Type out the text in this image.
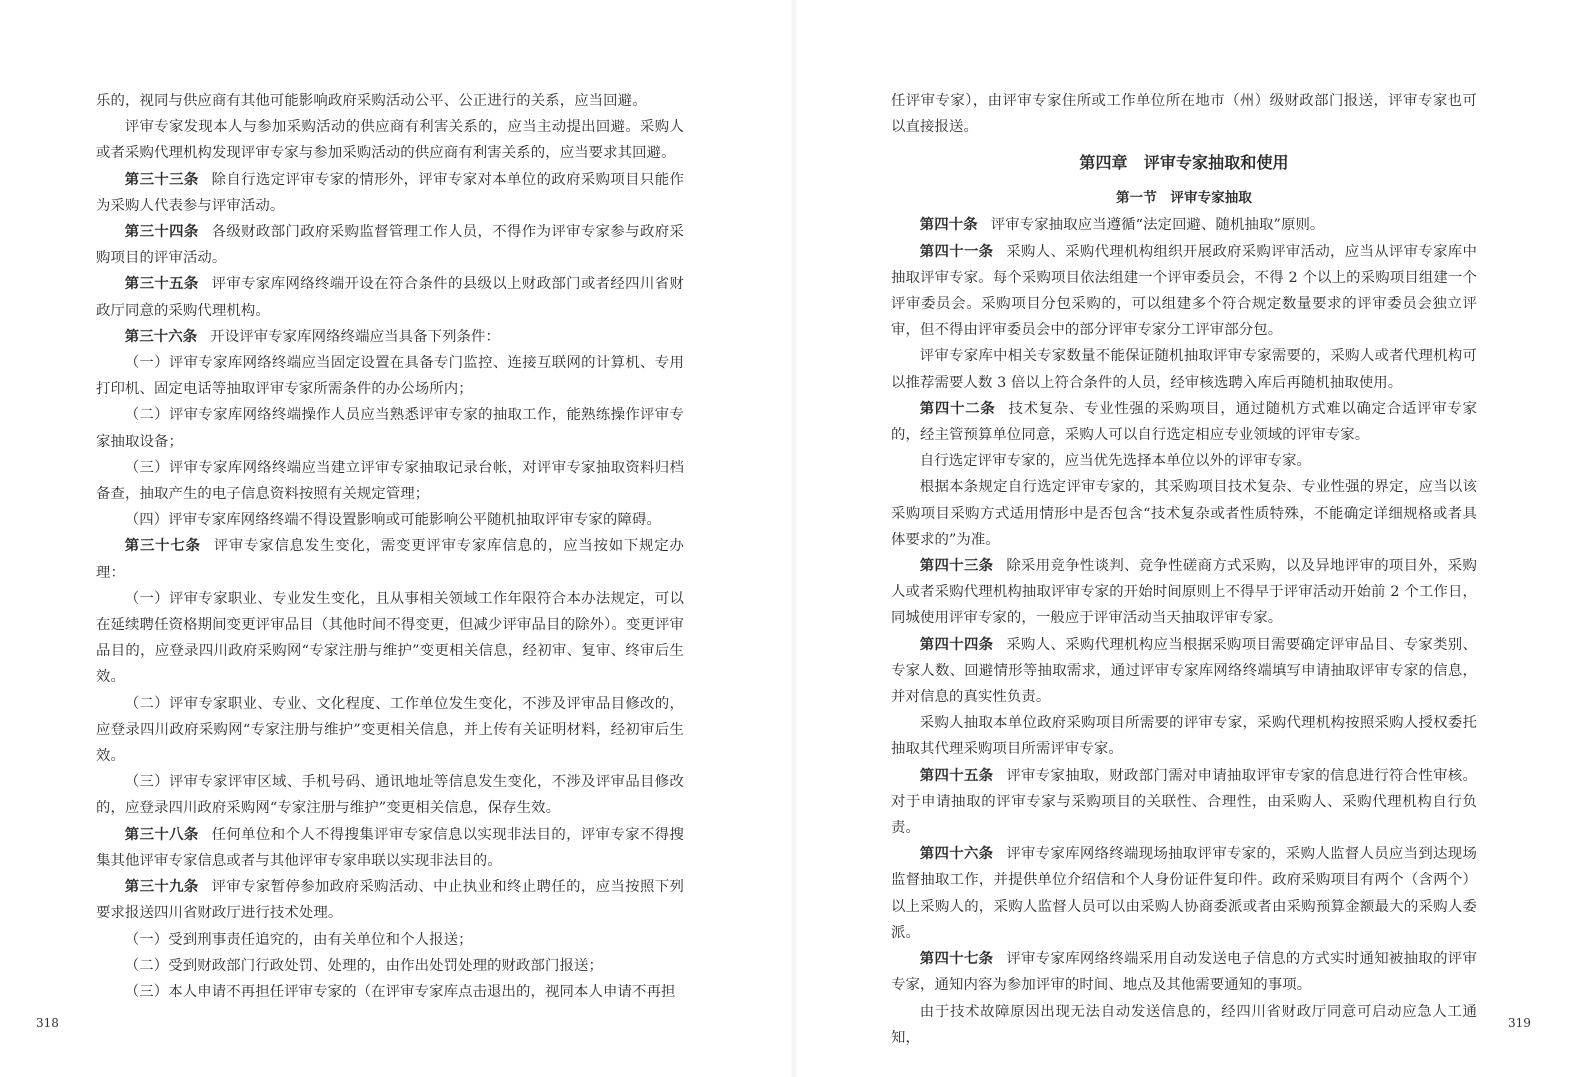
乐的，视同与供应商有其他可能影响政府采购活动公平、公正进行的关系，应当回避。

评审专家发现本人与参加采购活动的供应商有利害关系的，应当主动提出回避。采购人或者采购代理机构发现评审专家与参加采购活动的供应商有利害关系的，应当要求其回避。

第三十三条 除自行选定评审专家的情形外，评审专家对本单位的政府采购项目只能作为采购人代表参与评审活动。

第三十四条 各级财政部门政府采购监督管理工作人员，不得作为评审专家参与政府采购项目的评审活动。

第三十五条 评审专家库网络终端开设在符合条件的县级以上财政部门或者经四川省财政厅同意的采购代理机构。

第三十六条 开设评审专家库网络终端应当具备下列条件：

（一）评审专家库网络终端应当固定设置在具备专门监控、连接互联网的计算机、专用打印机、固定电话等抽取评审专家所需条件的办公场所内；

（二）评审专家库网络终端操作人员应当熟悉评审专家的抽取工作，能熟练操作评审专家抽取设备；

（三）评审专家库网络终端应当建立评审专家抽取记录台帐，对评审专家抽取资料归档备查，抽取产生的电子信息资料按照有关规定管理；

（四）评审专家库网络终端不得设置影响或可能影响公平随机抽取评审专家的障碍。

第三十七条 评审专家信息发生变化，需变更评审专家库信息的，应当按如下规定办理：

（一）评审专家职业、专业发生变化，且从事相关领域工作年限符合本办法规定，可以在延续聘任资格期间变更评审品目（其他时间不得变更，但减少评审品目的除外）。变更评审品目的，应登录四川政府采购网“专家注册与维护”变更相关信息，经初审、复审、终审后生效。

（二）评审专家职业、专业、文化程度、工作单位发生变化，不涉及评审品目修改的，应登录四川政府采购网“专家注册与维护”变更相关信息，并上传有关证明材料，经初审后生效。

（三）评审专家评审区域、手机号码、通讯地址等信息发生变化，不涉及评审品目修改的，应登录四川政府采购网“专家注册与维护”变更相关信息，保存生效。

第三十八条 任何单位和个人不得搜集评审专家信息以实现非法目的，评审专家不得搜集其他评审专家信息或者与其他评审专家串联以实现非法目的。

第三十九条 评审专家暂停参加政府采购活动、中止执业和终止聘任的，应当按照下列要求报送四川省财政厅进行技术处理。

（一）受到刑事责任追究的，由有关单位和个人报送；

（二）受到财政部门行政处罚、处理的，由作出处罚处理的财政部门报送；

（三）本人申请不再担任评审专家的（在评审专家库点击退出的，视同本人申请不再担

318

任评审专家），由评审专家住所或工作单位所在地市（州）级财政部门报送，评审专家也可以直接报送。

第四章　评审专家抽取和使用
第一节　评审专家抽取

第四十条 评审专家抽取应当遵循“法定回避、随机抽取”原则。

第四十一条 采购人、采购代理机构组织开展政府采购评审活动，应当从评审专家库中抽取评审专家。每个采购项目依法组建一个评审委员会，不得 2 个以上的采购项目组建一个评审委员会。采购项目分包采购的，可以组建多个符合规定数量要求的评审委员会独立评审，但不得由评审委员会中的部分评审专家分工评审部分包。

评审专家库中相关专家数量不能保证随机抽取评审专家需要的，采购人或者代理机构可以推荐需要人数 3 倍以上符合条件的人员，经审核选聘入库后再随机抽取使用。

第四十二条 技术复杂、专业性强的采购项目，通过随机方式难以确定合适评审专家的，经主管预算单位同意，采购人可以自行选定相应专业领域的评审专家。

自行选定评审专家的，应当优先选择本单位以外的评审专家。

根据本条规定自行选定评审专家的，其采购项目技术复杂、专业性强的界定，应当以该采购项目采购方式适用情形中是否包含“技术复杂或者性质特殊，不能确定详细规格或者具体要求的”为准。

第四十三条 除采用竞争性谈判、竞争性磋商方式采购，以及异地评审的项目外，采购人或者采购代理机构抽取评审专家的开始时间原则上不得早于评审活动开始前 2 个工作日，同城使用评审专家的，一般应于评审活动当天抽取评审专家。

第四十四条 采购人、采购代理机构应当根据采购项目需要确定评审品目、专家类别、专家人数、回避情形等抽取需求，通过评审专家库网络终端填写申请抽取评审专家的信息，并对信息的真实性负责。

采购人抽取本单位政府采购项目所需要的评审专家，采购代理机构按照采购人授权委托抽取其代理采购项目所需评审专家。

第四十五条 评审专家抽取，财政部门需对申请抽取评审专家的信息进行符合性审核。对于申请抽取的评审专家与采购项目的关联性、合理性，由采购人、采购代理机构自行负责。

第四十六条 评审专家库网络终端现场抽取评审专家的，采购人监督人员应当到达现场监督抽取工作，并提供单位介绍信和个人身份证件复印件。政府采购项目有两个（含两个）以上采购人的，采购人监督人员可以由采购人协商委派或者由采购预算金额最大的采购人委派。

第四十七条 评审专家库网络终端采用自动发送电子信息的方式实时通知被抽取的评审专家，通知内容为参加评审的时间、地点及其他需要通知的事项。

由于技术故障原因出现无法自动发送信息的，经四川省财政厅同意可启动应急人工通知，

319
